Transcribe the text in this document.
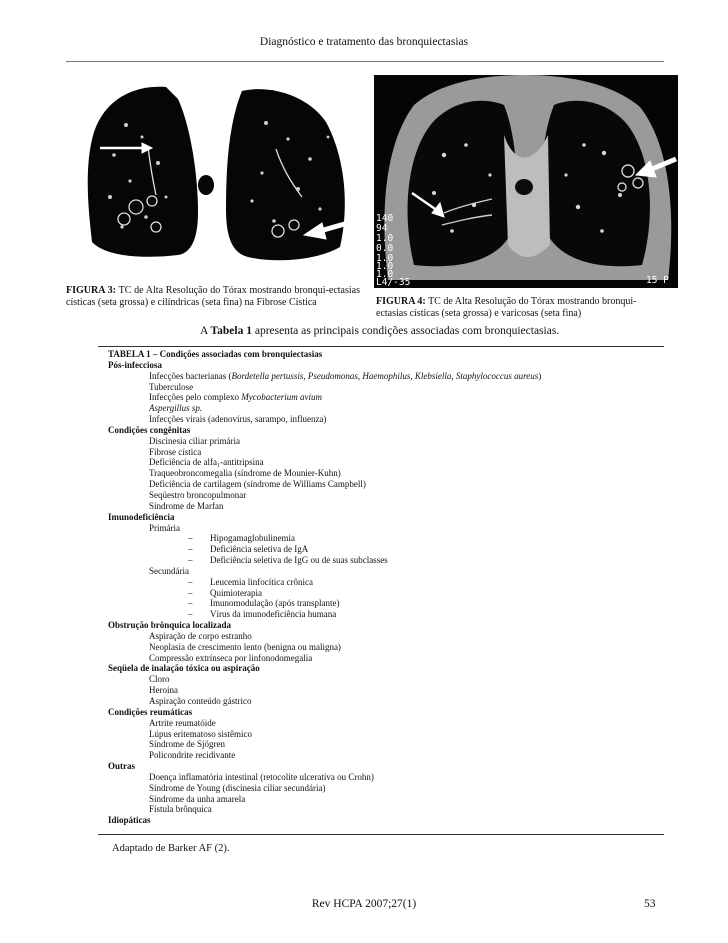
Diagnóstico e tratamento das bronquiectasias
40
4
.0
.0
.0
140
94
1.0
0.0
1.0
1.0
1.0
L4/-35	15 P
FIGURA 3: TC de Alta Resolução do Tórax mostrando bronqui-ectasias císticas (seta grossa) e cilíndricas (seta fina) na Fibrose Cística	FIGURA 4: TC de Alta Resolução do Tórax mostrando bronqui-ectasias císticas (seta grossa) e varicosas (seta fina)
A Tabela 1 apresenta as principais condições associadas com bronquiectasias.
TABELA 1 – Condições associadas com bronquiectasias
Pós-infecciosa
Infecções bacterianas (Bordetella pertussis, Pseudomonas, Haemophilus, Klebsiella, Staphylococcus aureus)
Tuberculose
Infecções pelo complexo Mycobacterium avium
Aspergillus sp.
Infecções virais (adenovírus, sarampo, influenza)
Condições congênitas
Discinesia ciliar primária
Fibrose cística
Deficiência de alfa₁-antitripsina
Traqueobroncomegalia (síndrome de Mounier-Kuhn)
Deficiência de cartilagem (síndrome de Williams Campbell)
Seqüestro broncopulmonar
Síndrome de Marfan
Imunodeficiência
Primária
–	Hipogamaglobulinemia
–	Deficiência seletiva de IgA
–	Deficiência seletiva de IgG ou de suas subclasses
Secundária
–	Leucemia linfocítica crônica
–	Quimioterapia
–	Imunomodulação (após transplante)
–	Vírus da imunodeficiência humana
Obstrução brônquica localizada
Aspiração de corpo estranho
Neoplasia de crescimento lento (benigna ou maligna)
Compressão extrínseca por linfonodomegalia
Seqüela de inalação tóxica ou aspiração
Cloro
Heroína
Aspiração conteúdo gástrico
Condições reumáticas
Artrite reumatóide
Lúpus eritematoso sistêmico
Síndrome de Sjögren
Policondrite recidivante
Outras
Doença inflamatória intestinal (retocolite ulcerativa ou Crohn)
Síndrome de Young (discinesia ciliar secundária)
Síndrome da unha amarela
Fístula brônquica
Idiopáticas
Adaptado de Barker AF (2).
Rev HCPA 2007;27(1)	53
